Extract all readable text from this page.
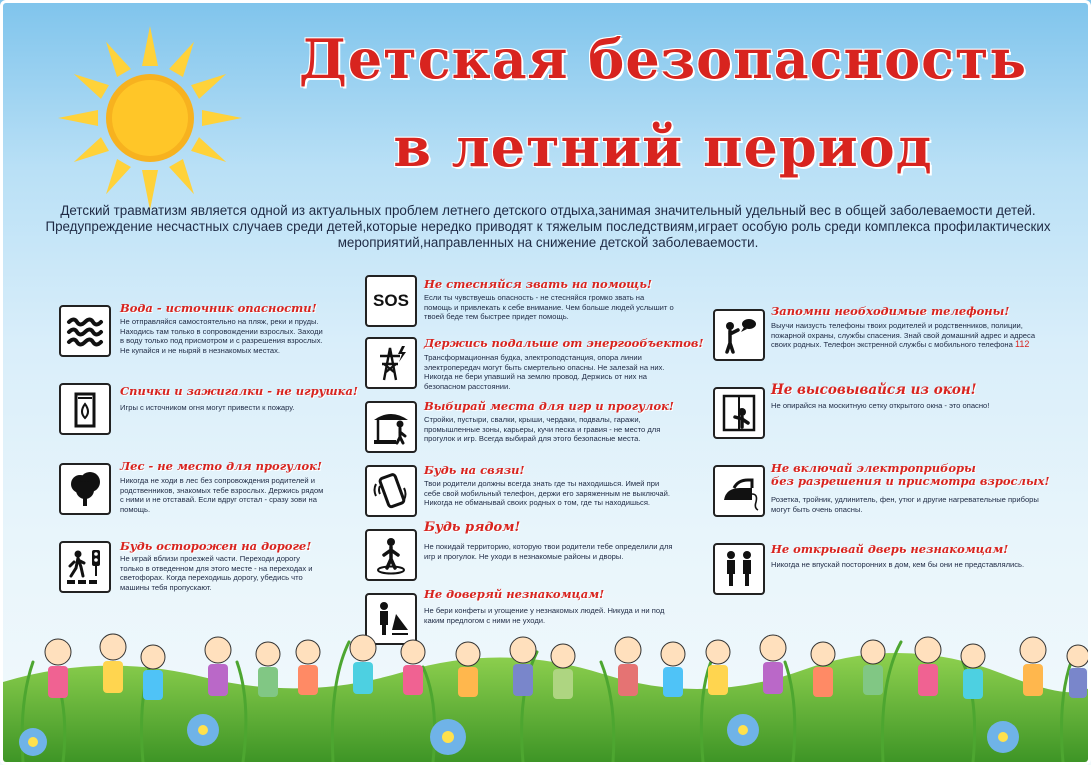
Детская безопасность
в летний период
Детский травматизм является одной из актуальных проблем летнего детского отдыха,занимая значительный удельный вес в общей заболеваемости детей. Предупреждение несчастных случаев среди детей,которые нередко приводят к тяжелым последствиям,играет особую роль среди комплекса профилактических мероприятий,направленных на снижение детской заболеваемости.
Вода - источник опасности!
Не отправляйся самостоятельно на пляж, реки и пруды. Находись там только в сопровождении взрослых. Заходи в воду только под присмотром и с разрешения взрослых. Не купайся и не ныряй в незнакомых местах.
Спички и зажигалки - не игрушка!
Игры с источником огня могут привести к пожару.
Лес - не место для прогулок!
Никогда не ходи в лес без сопровождения родителей и родственников, знакомых тебе взрослых. Держись рядом с ними и не отставай. Если вдруг отстал - сразу зови на помощь.
Будь осторожен на дороге!
Не играй вблизи проезжей части. Переходи дорогу только в отведенном для этого месте - на переходах и светофорах. Когда переходишь дорогу, убедись что машины тебя пропускают.
SOS
Не стесняйся звать на помощь!
Если ты чувствуешь опасность - не стесняйся громко звать на помощь и привлекать к себе внимание. Чем больше людей услышит о твоей беде тем быстрее придет помощь.
Держись подальше от энергообъектов!
Трансформационная будка, электроподстанция, опора линии электропередач могут быть смертельно опасны. Не залезай на них. Никогда не бери упавший на землю провод. Держись от них на безопасном расстоянии.
Выбирай места для игр и прогулок!
Стройки, пустыри, свалки, крыши, чердаки, подвалы, гаражи, промышленные зоны, карьеры, кучи песка и гравия - не место для прогулок и игр. Всегда выбирай для этого безопасные места.
Будь на связи!
Твои родители должны всегда знать где ты находишься. Имей при себе свой мобильный телефон, держи его заряженным не выключай. Никогда не обманывай своих родных о том, где ты находишься.
Будь рядом!
Не покидай территорию, которую твои родители тебе определили для игр и прогулок. Не уходи в незнакомые районы и дворы.
Не доверяй незнакомцам!
Не бери конфеты и угощение у незнакомых людей. Никуда и ни под каким предлогом с ними не уходи.
Запомни необходимые телефоны!
Выучи наизусть телефоны твоих родителей и родственников, полиции, пожарной охраны, службы спасения. Знай свой домашний адрес и адреса своих родных. Телефон экстренной службы с мобильного телефона 112
Не высовывайся из окон!
Не опирайся на москитную сетку открытого окна - это опасно!
Не включай электроприборы
без разрешения и присмотра взрослых!
Розетка, тройник, удлинитель, фен, утюг и другие нагревательные приборы могут быть очень опасны.
Не открывай дверь незнакомцам!
Никогда не впускай посторонних в дом, кем бы они не представлялись.
